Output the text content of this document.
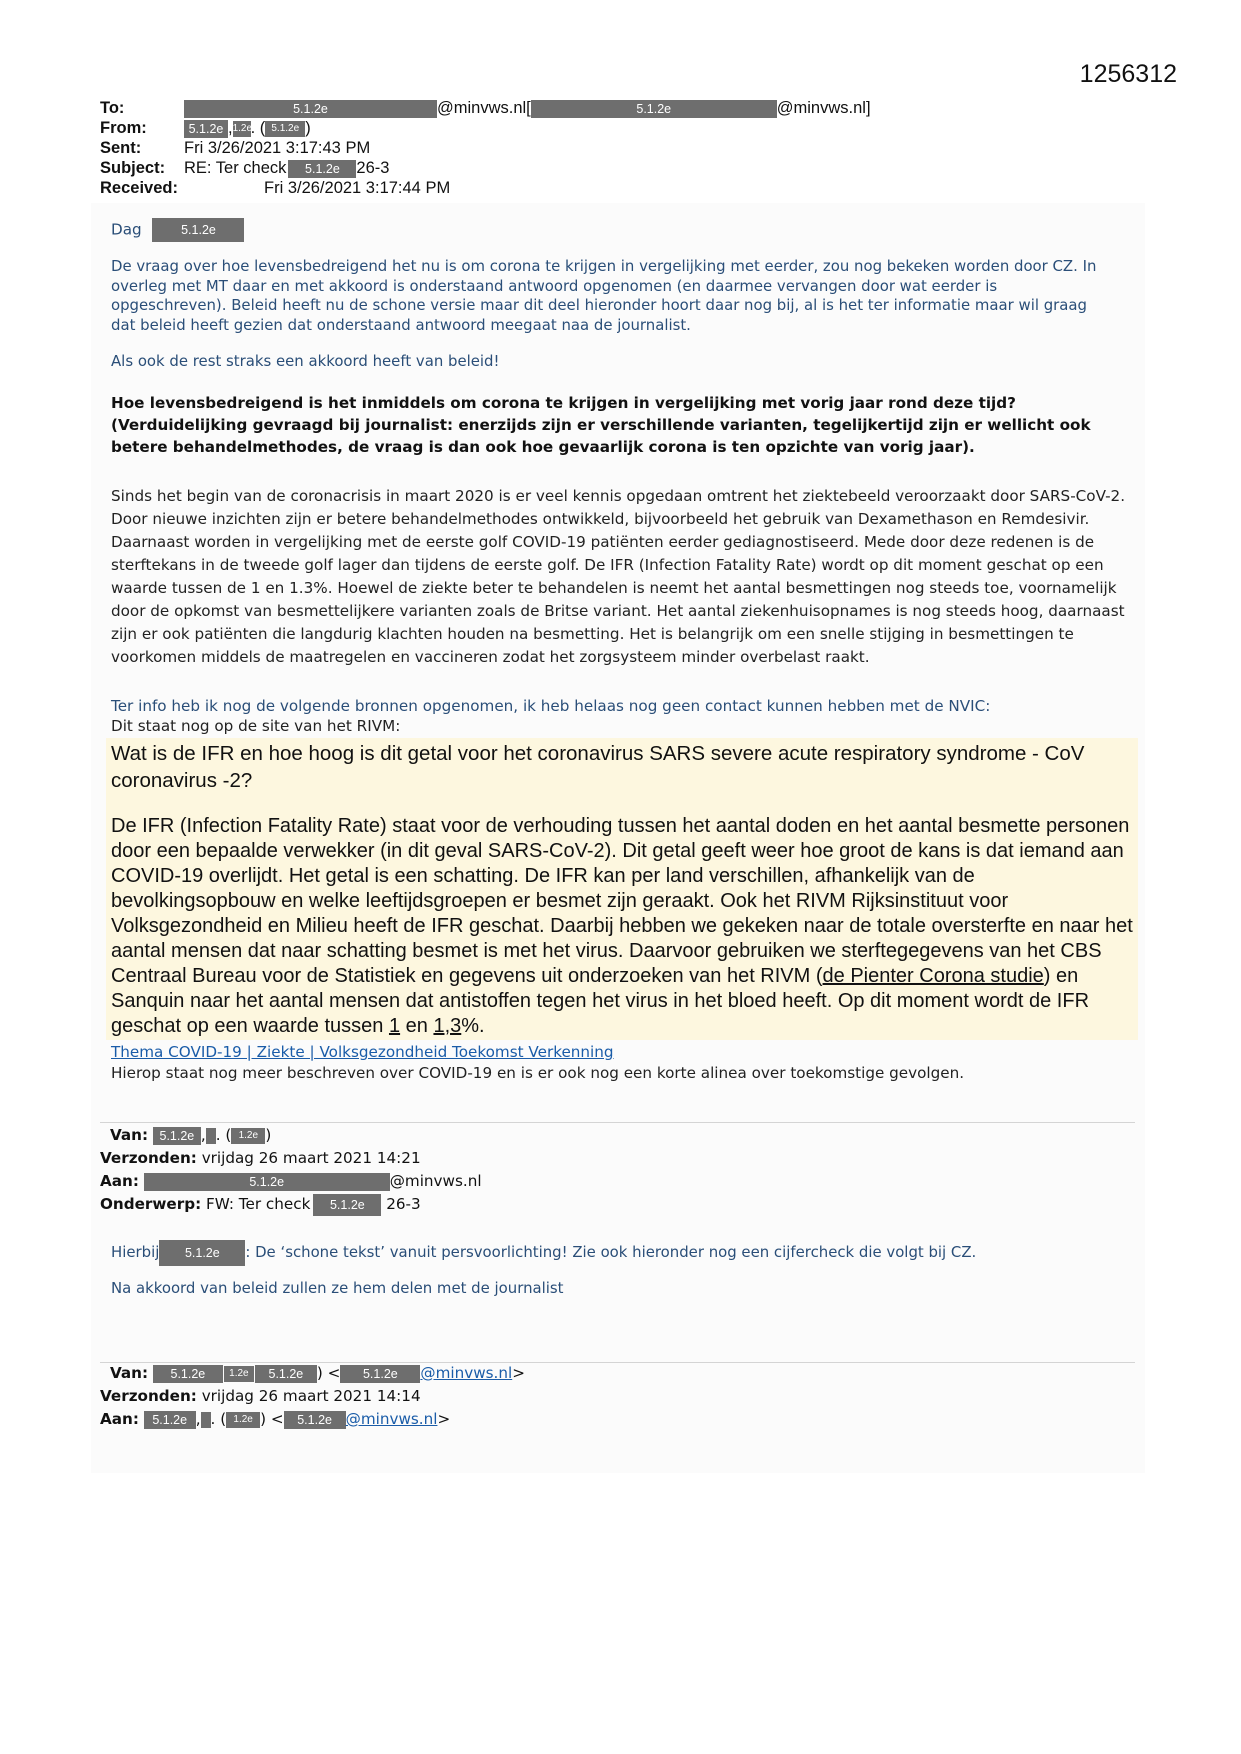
1256312
To:	5.1.2e	@minvws.nl[	5.1.2e	@minvws.nl]
From:	5.1.2e ,1.2e. ( 5.1.2e )
Sent:	Fri 3/26/2021 3:17:43 PM
Subject: RE: Ter check 5.1.2e 26-3
Received:	Fri 3/26/2021 3:17:44 PM
Dag	5.1.2e
De vraag over hoe levensbedreigend het nu is om corona te krijgen in vergelijking met eerder, zou nog bekeken worden door CZ. In overleg met MT daar en met akkoord is onderstaand antwoord opgenomen (en daarmee vervangen door wat eerder is opgeschreven). Beleid heeft nu de schone versie maar dit deel hieronder hoort daar nog bij, al is het ter informatie maar wil graag dat beleid heeft gezien dat onderstaand antwoord meegaat naa de journalist.
Als ook de rest straks een akkoord heeft van beleid!
Hoe levensbedreigend is het inmiddels om corona te krijgen in vergelijking met vorig jaar rond deze tijd? (Verduidelijking gevraagd bij journalist: enerzijds zijn er verschillende varianten, tegelijkertijd zijn er wellicht ook betere behandelmethodes, de vraag is dan ook hoe gevaarlijk corona is ten opzichte van vorig jaar).
Sinds het begin van de coronacrisis in maart 2020 is er veel kennis opgedaan omtrent het ziektebeeld veroorzaakt door SARS-CoV-2. Door nieuwe inzichten zijn er betere behandelmethodes ontwikkeld, bijvoorbeeld het gebruik van Dexamethason en Remdesivir. Daarnaast worden in vergelijking met de eerste golf COVID-19 patiënten eerder gediagnostiseerd. Mede door deze redenen is de sterftekans in de tweede golf lager dan tijdens de eerste golf. De IFR (Infection Fatality Rate) wordt op dit moment geschat op een waarde tussen de 1 en 1.3%. Hoewel de ziekte beter te behandelen is neemt het aantal besmettingen nog steeds toe, voornamelijk door de opkomst van besmettelijkere varianten zoals de Britse variant. Het aantal ziekenhuisopnames is nog steeds hoog, daarnaast zijn er ook patiënten die langdurig klachten houden na besmetting. Het is belangrijk om een snelle stijging in besmettingen te voorkomen middels de maatregelen en vaccineren zodat het zorgsysteem minder overbelast raakt.
Ter info heb ik nog de volgende bronnen opgenomen, ik heb helaas nog geen contact kunnen hebben met de NVIC:
Dit staat nog op de site van het RIVM:
Wat is de IFR en hoe hoog is dit getal voor het coronavirus SARS severe acute respiratory syndrome - CoV coronavirus -2?
De IFR (Infection Fatality Rate) staat voor de verhouding tussen het aantal doden en het aantal besmette personen door een bepaalde verwekker (in dit geval SARS-CoV-2). Dit getal geeft weer hoe groot de kans is dat iemand aan COVID-19 overlijdt. Het getal is een schatting. De IFR kan per land verschillen, afhankelijk van de bevolkingsopbouw en welke leeftijdsgroepen er besmet zijn geraakt. Ook het RIVM Rijksinstituut voor Volksgezondheid en Milieu heeft de IFR geschat. Daarbij hebben we gekeken naar de totale oversterfte en naar het aantal mensen dat naar schatting besmet is met het virus. Daarvoor gebruiken we sterftegegevens van het CBS Centraal Bureau voor de Statistiek en gegevens uit onderzoeken van het RIVM (de Pienter Corona studie) en Sanquin naar het aantal mensen dat antistoffen tegen het virus in het bloed heeft. Op dit moment wordt de IFR geschat op een waarde tussen 1 en 1,3%.
Thema COVID-19 | Ziekte | Volksgezondheid Toekomst Verkenning
Hierop staat nog meer beschreven over COVID-19 en is er ook nog een korte alinea over toekomstige gevolgen.
Van: 5.1.2e , . ( 1.2e )
Verzonden: vrijdag 26 maart 2021 14:21
Aan:	5.1.2e	@minvws.nl
Onderwerp: FW: Ter check 5.1.2e 26-3
Hierbij 5.1.2e : De ‘schone tekst’ vanuit persvoorlichting! Zie ook hieronder nog een cijfercheck die volgt bij CZ.
Na akkoord van beleid zullen ze hem delen met de journalist
Van: 5.1.2e 1.2e 5.1.2e ) < 5.1.2e @minvws.nl>
Verzonden: vrijdag 26 maart 2021 14:14
Aan: 5.1.2e , . ( 1.2e ) < 5.1.2e @minvws.nl>
